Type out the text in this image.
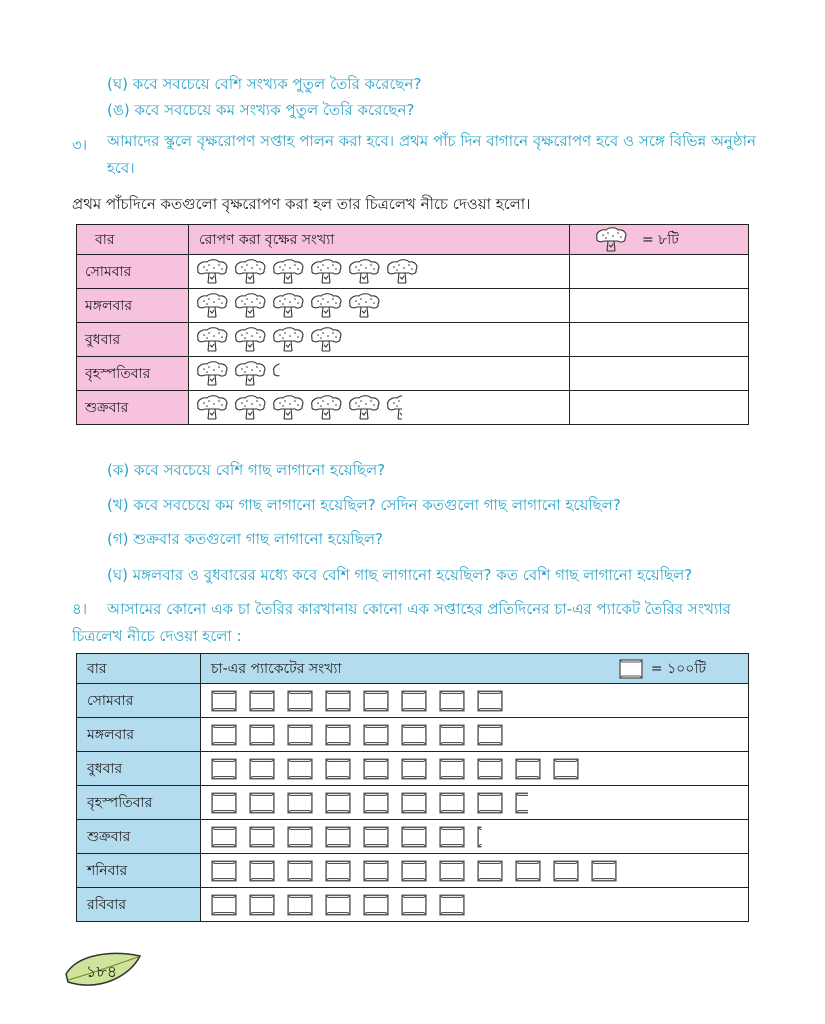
(ঘ) কবে সবচেয়ে বেশি সংখ্যক পুতুল তৈরি করেছেন?
(ঙ) কবে সবচেয়ে কম সংখ্যক পুতুল তৈরি করেছেন?
৩। আমাদের স্কুলে বৃক্ষরোপণ সপ্তাহ পালন করা হবে। প্রথম পাঁচ দিন বাগানে বৃক্ষরোপণ হবে ও সঙ্গে বিভিন্ন অনুষ্ঠান হবে।
প্রথম পাঁচদিনে কতগুলো বৃক্ষরোপণ করা হল তার চিত্রলেখ নীচে দেওয়া হলো।
বার	রোপণ করা বৃক্ষের সংখ্যা	= ৮টি

সোমবার	

মঙ্গলবার	

বুধবার	

বৃহস্পতিবার	

শুক্রবার	

(ক) কবে সবচেয়ে বেশি গাছ লাগানো হয়েছিল?
(খ) কবে সবচেয়ে কম গাছ লাগানো হয়েছিল? সেদিন কতগুলো গাছ লাগানো হয়েছিল?
(গ) শুক্রবার কতগুলো গাছ লাগানো হয়েছিল?
(ঘ) মঙ্গলবার ও বুধবারের মধ্যে কবে বেশি গাছ লাগানো হয়েছিল? কত বেশি গাছ লাগানো হয়েছিল?
৪। আসামের কোনো এক চা তৈরির কারখানায় কোনো এক সপ্তাহের প্রতিদিনের চা-এর প্যাকেট তৈরির সংখ্যার
চিত্রলেখ নীচে দেওয়া হলো :
বার	চা-এর প্যাকেটের সংখ্যা = ১০০টি

সোমবার	

মঙ্গলবার	

বুধবার	

বৃহস্পতিবার	

শুক্রবার	

শনিবার	

রবিবার	
১৮৪
